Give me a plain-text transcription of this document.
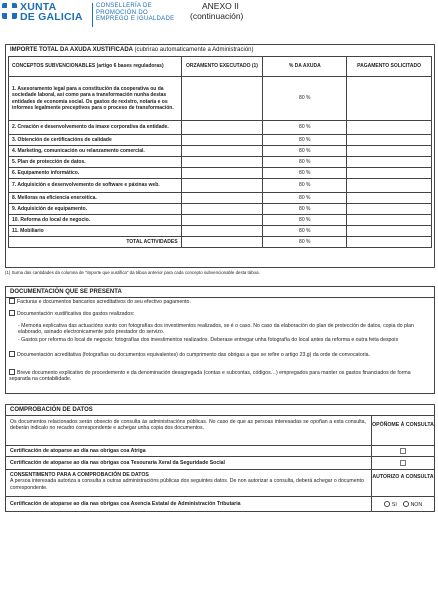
XUNTA
DE GALICIA
CONSELLERÍA DE
PROMOCIÓN DO
EMPREGO E IGUALDADE
ANEXO II
(continuación)
IMPORTE TOTAL DA AXUDA XUSTIFICADA (cubrirao automaticamente a Administración)
CONCEPTOS SUBVENCIONABLES (artigo 6 bases reguladoras)	ORZAMENTO EXECUTADO (1)	% DA AXUDA	PAGAMENTO SOLICITADO
1. Asesoramento legal para a constitución da cooperativa ou da sociedade laboral, así como para a transformación nunha destas entidades de economía social. Os gastos de rexistro, notaría e os informes legalmente preceptivos para o proceso de transformación.		80 %	
2. Creación e desenvolvemento da imaxe corporativa da entidade.		80 %	
3. Obtención de certificacións de calidade		80 %	
4. Marketing, comunicación ou relanzamento comercial.		80 %	
5. Plan de protección de datos.		80 %	
6. Equipamento informático.		80 %	
7. Adquisición e desenvolvemento de software e páxinas web.		80 %	
8. Melloras na eficiencia enerxética.		80 %	
9. Adquisición de equipamento.		80 %	
10. Reforma do local de negocio.		80 %	
11. Mobiliario		80 %	
TOTAL ACTIVIDADES		80 %	
(1) Suma das cantidades da columna de "importe que xustifica" da táboa anterior para cada concepto subvencionable desta táboa.
DOCUMENTACIÓN QUE SE PRESENTA
Facturas e documentos bancarios acreditativos do seu efectivo pagamento.
Documentación xustificativa dos gastos realizados:
- Memoria explicativa das actuacións xunto con fotografías dos investimentos realizados, se é o caso. No caso da elaboración do plan de protección de datos, copia do plan elaborado, asinado electronicamente polo prestador do servizo.
- Gastos por reforma do local de negocio: fotografías dos investimentos realizados. Deberase entregar unha fotografía do local antes da reforma e outra feita despois
Documentación acreditativa (fotografías ou documentos equivalentes) do cumprimento das obrigas a que se refire o artigo 23.g) da orde de convocatoria.
Breve documento explicativo do procedemento e da denominación desagregada (contas e subcontas, códigos…) empregados para manter os gastos financiados de forma separada na contabilidade.
COMPROBACIÓN DE DATOS
Os documentos relacionados serán obxecto de consulta ás administracións públicas. No caso de que as persoas interesadas se opoñan a esta consulta, deberán indicalo no recadro correspondente e achegar unha copia dos documentos.
OPÓÑOME Á CONSULTA
Certificación de atoparse ao día nas obrigas coa Atriga
Certificación de atoparse ao día nas obrigas coa Tesouraría Xeral da Seguridade Social
CONSENTIMENTO PARA A COMPROBACIÓN DE DATOS
A persoa interesada autoriza a consulta a outras administracións públicas dos seguintes datos. De non autorizar a consulta, deberá achegar o documento correspondente.
AUTORIZO A CONSULTA
Certificación de atoparse ao día nas obrigas coa Axencia Estatal de Administración Tributaria	SI	NON
